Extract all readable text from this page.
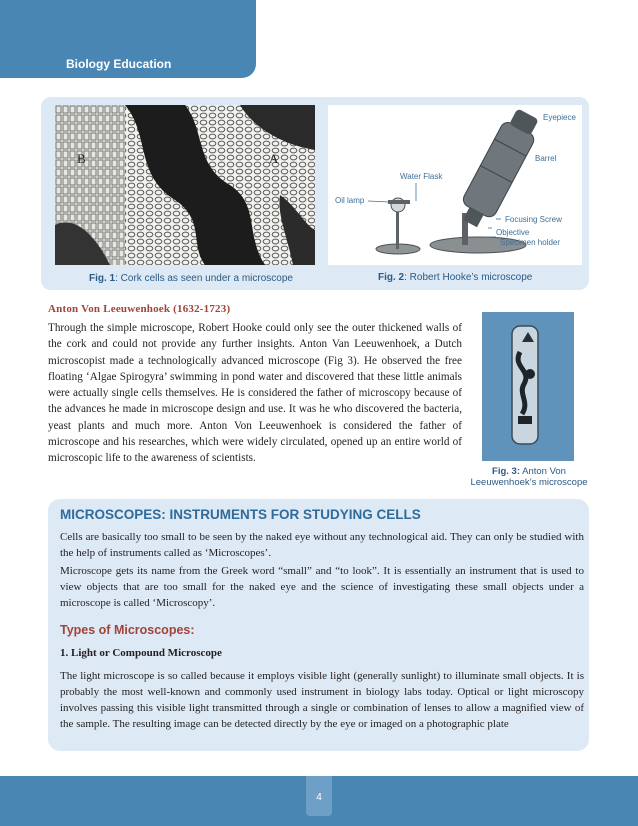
Biology Education
B	A
Eyepiece
Barrel
Water Flask
Oil lamp
Focusing Screw
Objective
Specimen holder
Fig. 1: Cork cells as seen under a microscope	Fig. 2: Robert Hooke’s microscope
Anton Von Leeuwenhoek (1632-1723)

Through the simple microscope, Robert Hooke could only see the outer thickened walls of the cork and could not provide any further insights. Anton Van Leeuwenhoek, a Dutch microscopist made a technologically advanced microscope (Fig 3). He observed the free floating ‘Algae Spirogyra’ swimming in pond water and discovered that these little animals were actually single cells themselves. He is considered the father of microscopy because of the advances he made in microscope design and use. It was he who discovered the bacteria, yeast plants and much more. Anton Von Leeuwenhoek is considered the father of microscope and his researches, which were widely circulated, opened up an entire world of microscopic life to the awareness of scientists.

Fig. 3: Anton Von Leeuwenhoek’s microscope
MICROSCOPES: INSTRUMENTS FOR STUDYING CELLS

Cells are basically too small to be seen by the naked eye without any technological aid. They can only be studied with the help of instruments called as ‘Microscopes’.

Microscope gets its name from the Greek word “small” and “to look”. It is essentially an instrument that is used to view objects that are too small for the naked eye and the science of investigating these small objects under a microscope is called ‘Microscopy’.

Types of Microscopes:
1. Light or Compound Microscope

The light microscope is so called because it employs visible light (generally sunlight) to illuminate small objects. It is probably the most well-known and commonly used instrument in biology labs today. Optical or light microscopy involves passing this visible light transmitted through a single or combination of lenses to allow a magnified view of the sample. The resulting image can be detected directly by the eye or imaged on a photographic plate

4
